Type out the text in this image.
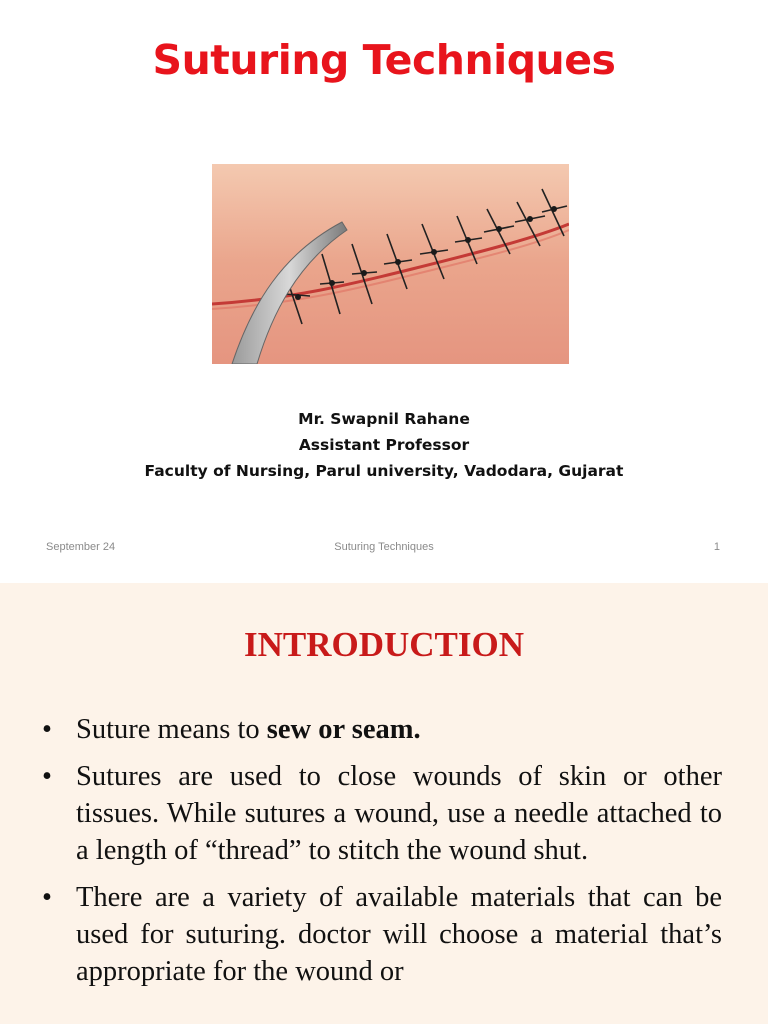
Suturing Techniques
Mr. Swapnil Rahane
Assistant Professor
Faculty of Nursing, Parul university, Vadodara, Gujarat
September 24	Suturing Techniques	1
INTRODUCTION
• Suture means to sew or seam.
• Sutures are used to close wounds of skin or other tissues. While sutures a wound, use a needle attached to a length of “thread” to stitch the wound shut.
• There are a variety of available materials that can be used for suturing. doctor will choose a material that’s appropriate for the wound or
